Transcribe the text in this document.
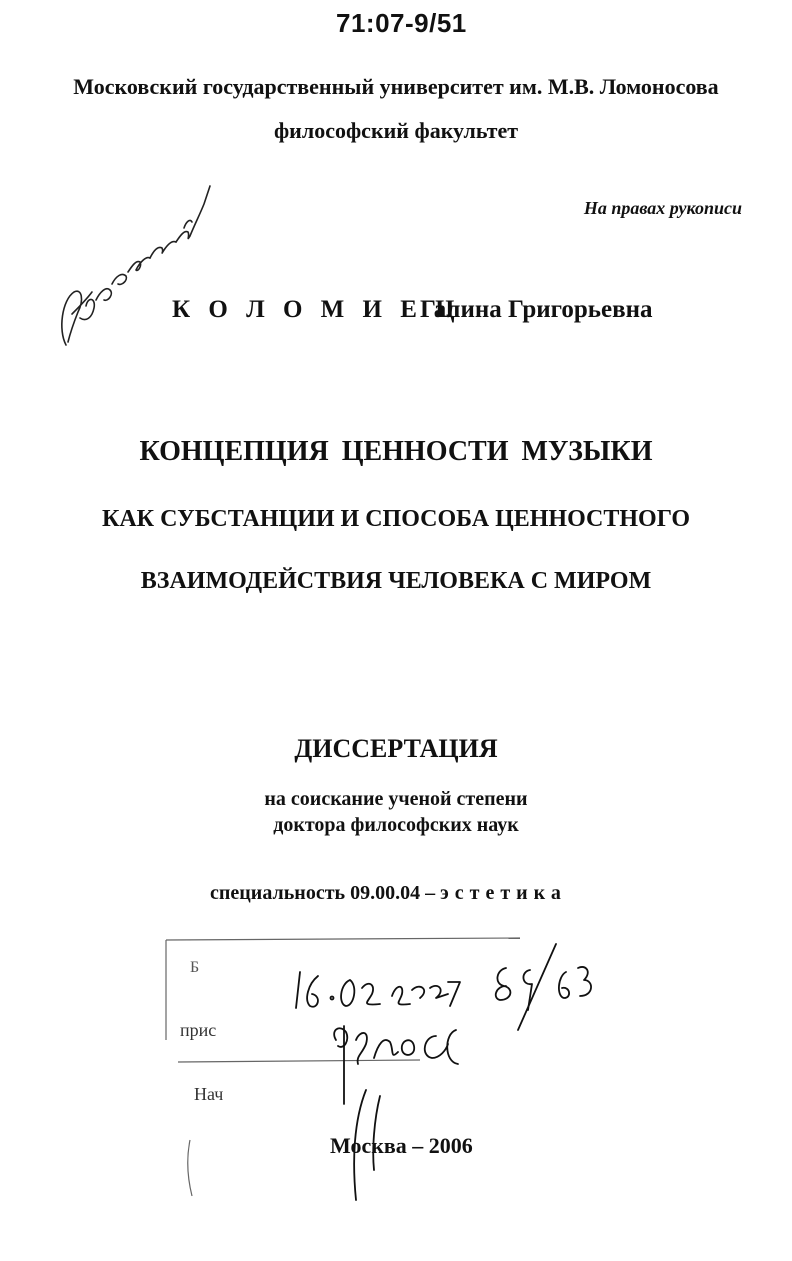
71:07-9/51
Московский государственный университет им. М.В. Ломоносова
философский факультет
На правах рукописи
К О Л О М И Е Ц
Галина Григорьевна
КОНЦЕПЦИЯ ЦЕННОСТИ МУЗЫКИ
КАК СУБСТАНЦИИ И СПОСОБА ЦЕННОСТНОГО
ВЗАИМОДЕЙСТВИЯ ЧЕЛОВЕКА С МИРОМ
ДИССЕРТАЦИЯ
на соискание ученой степени
доктора философских наук
специальность 09.00.04 – эстетика
Б
прис
Нач
Москва – 2006
